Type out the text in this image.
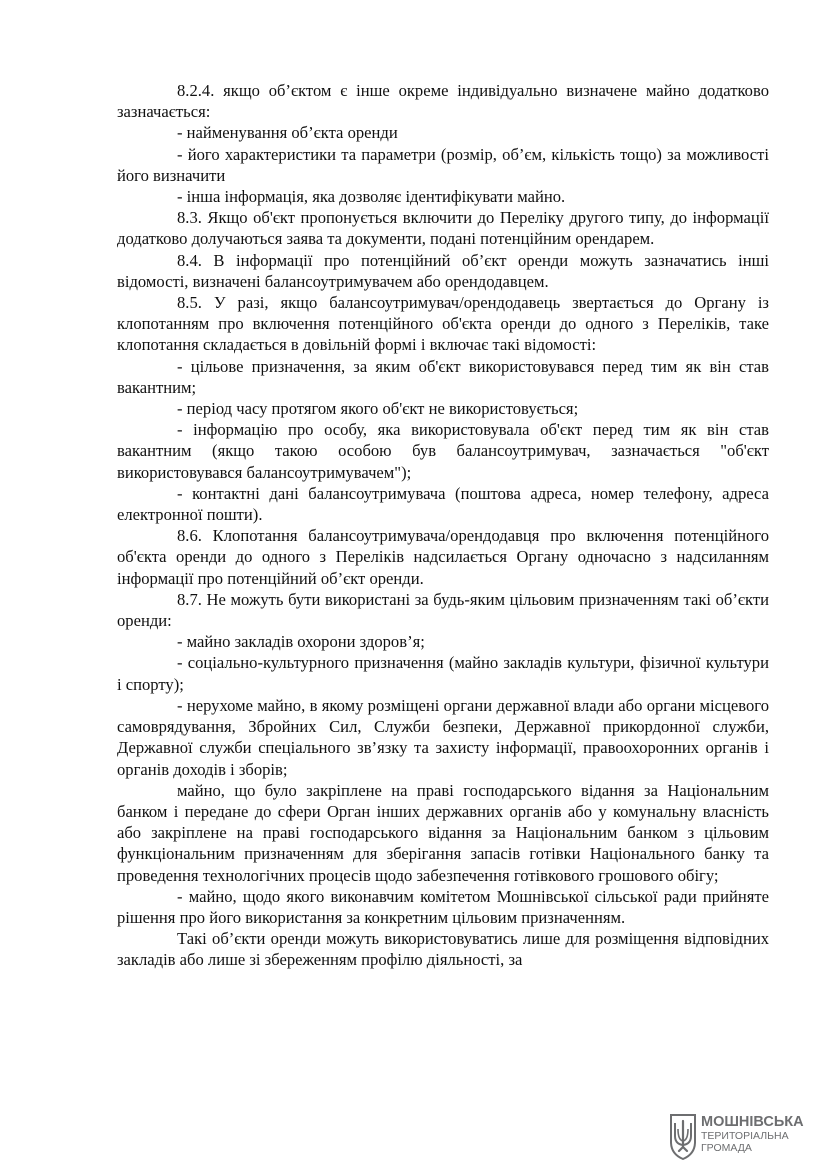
8.2.4. якщо об’єктом є інше окреме індивідуально визначене майно додатково зазначається:

- найменування об’єкта оренди

- його характеристики та параметри (розмір, об’єм, кількість тощо) за можливості його визначити

- інша інформація, яка дозволяє ідентифікувати майно.

8.3. Якщо об'єкт пропонується включити до Переліку другого типу, до інформації додатково долучаються заява та документи, подані потенційним орендарем.

8.4. В інформації про потенційний об’єкт оренди можуть зазначатись інші відомості, визначені балансоутримувачем або орендодавцем.

8.5. У разі, якщо балансоутримувач/орендодавець звертається до Органу із клопотанням про включення потенційного об'єкта оренди до одного з Переліків, таке клопотання складається в довільній формі і включає такі відомості:

- цільове призначення, за яким об'єкт використовувався перед тим як він став вакантним;

- період часу протягом якого об'єкт не використовується;

- інформацію про особу, яка використовувала об'єкт перед тим як він став вакантним (якщо такою особою був балансоутримувач, зазначається "об'єкт використовувався балансоутримувачем");

- контактні дані балансоутримувача (поштова адреса, номер телефону, адреса електронної пошти).

8.6. Клопотання балансоутримувача/орендодавця про включення потенційного об'єкта оренди до одного з Переліків надсилається Органу одночасно з надсиланням інформації про потенційний об’єкт оренди.

8.7. Не можуть бути використані за будь-яким цільовим призначенням такі об’єкти оренди:

- майно закладів охорони здоров’я;

- соціально-культурного призначення (майно закладів культури, фізичної культури і спорту);

- нерухоме майно, в якому розміщені органи державної влади або органи місцевого самоврядування, Збройних Сил, Служби безпеки, Державної прикордонної служби, Державної служби спеціального зв’язку та захисту інформації, правоохоронних органів і органів доходів і зборів;

майно, що було закріплене на праві господарського відання за Національним банком і передане до сфери Орган інших державних органів або у комунальну власність або закріплене на праві господарського відання за Національним банком з цільовим функціональним призначенням для зберігання запасів готівки Національного банку та проведення технологічних процесів щодо забезпечення готівкового грошового обігу;

- майно, щодо якого виконавчим комітетом Мошнівської сільської ради прийняте рішення про його використання за конкретним цільовим призначенням.

Такі об’єкти оренди можуть використовуватись лише для розміщення відповідних закладів або лише зі збереженням профілю діяльності, за

МОШНІВСЬКА
ТЕРИТОРІАЛЬНА
ГРОМАДА
